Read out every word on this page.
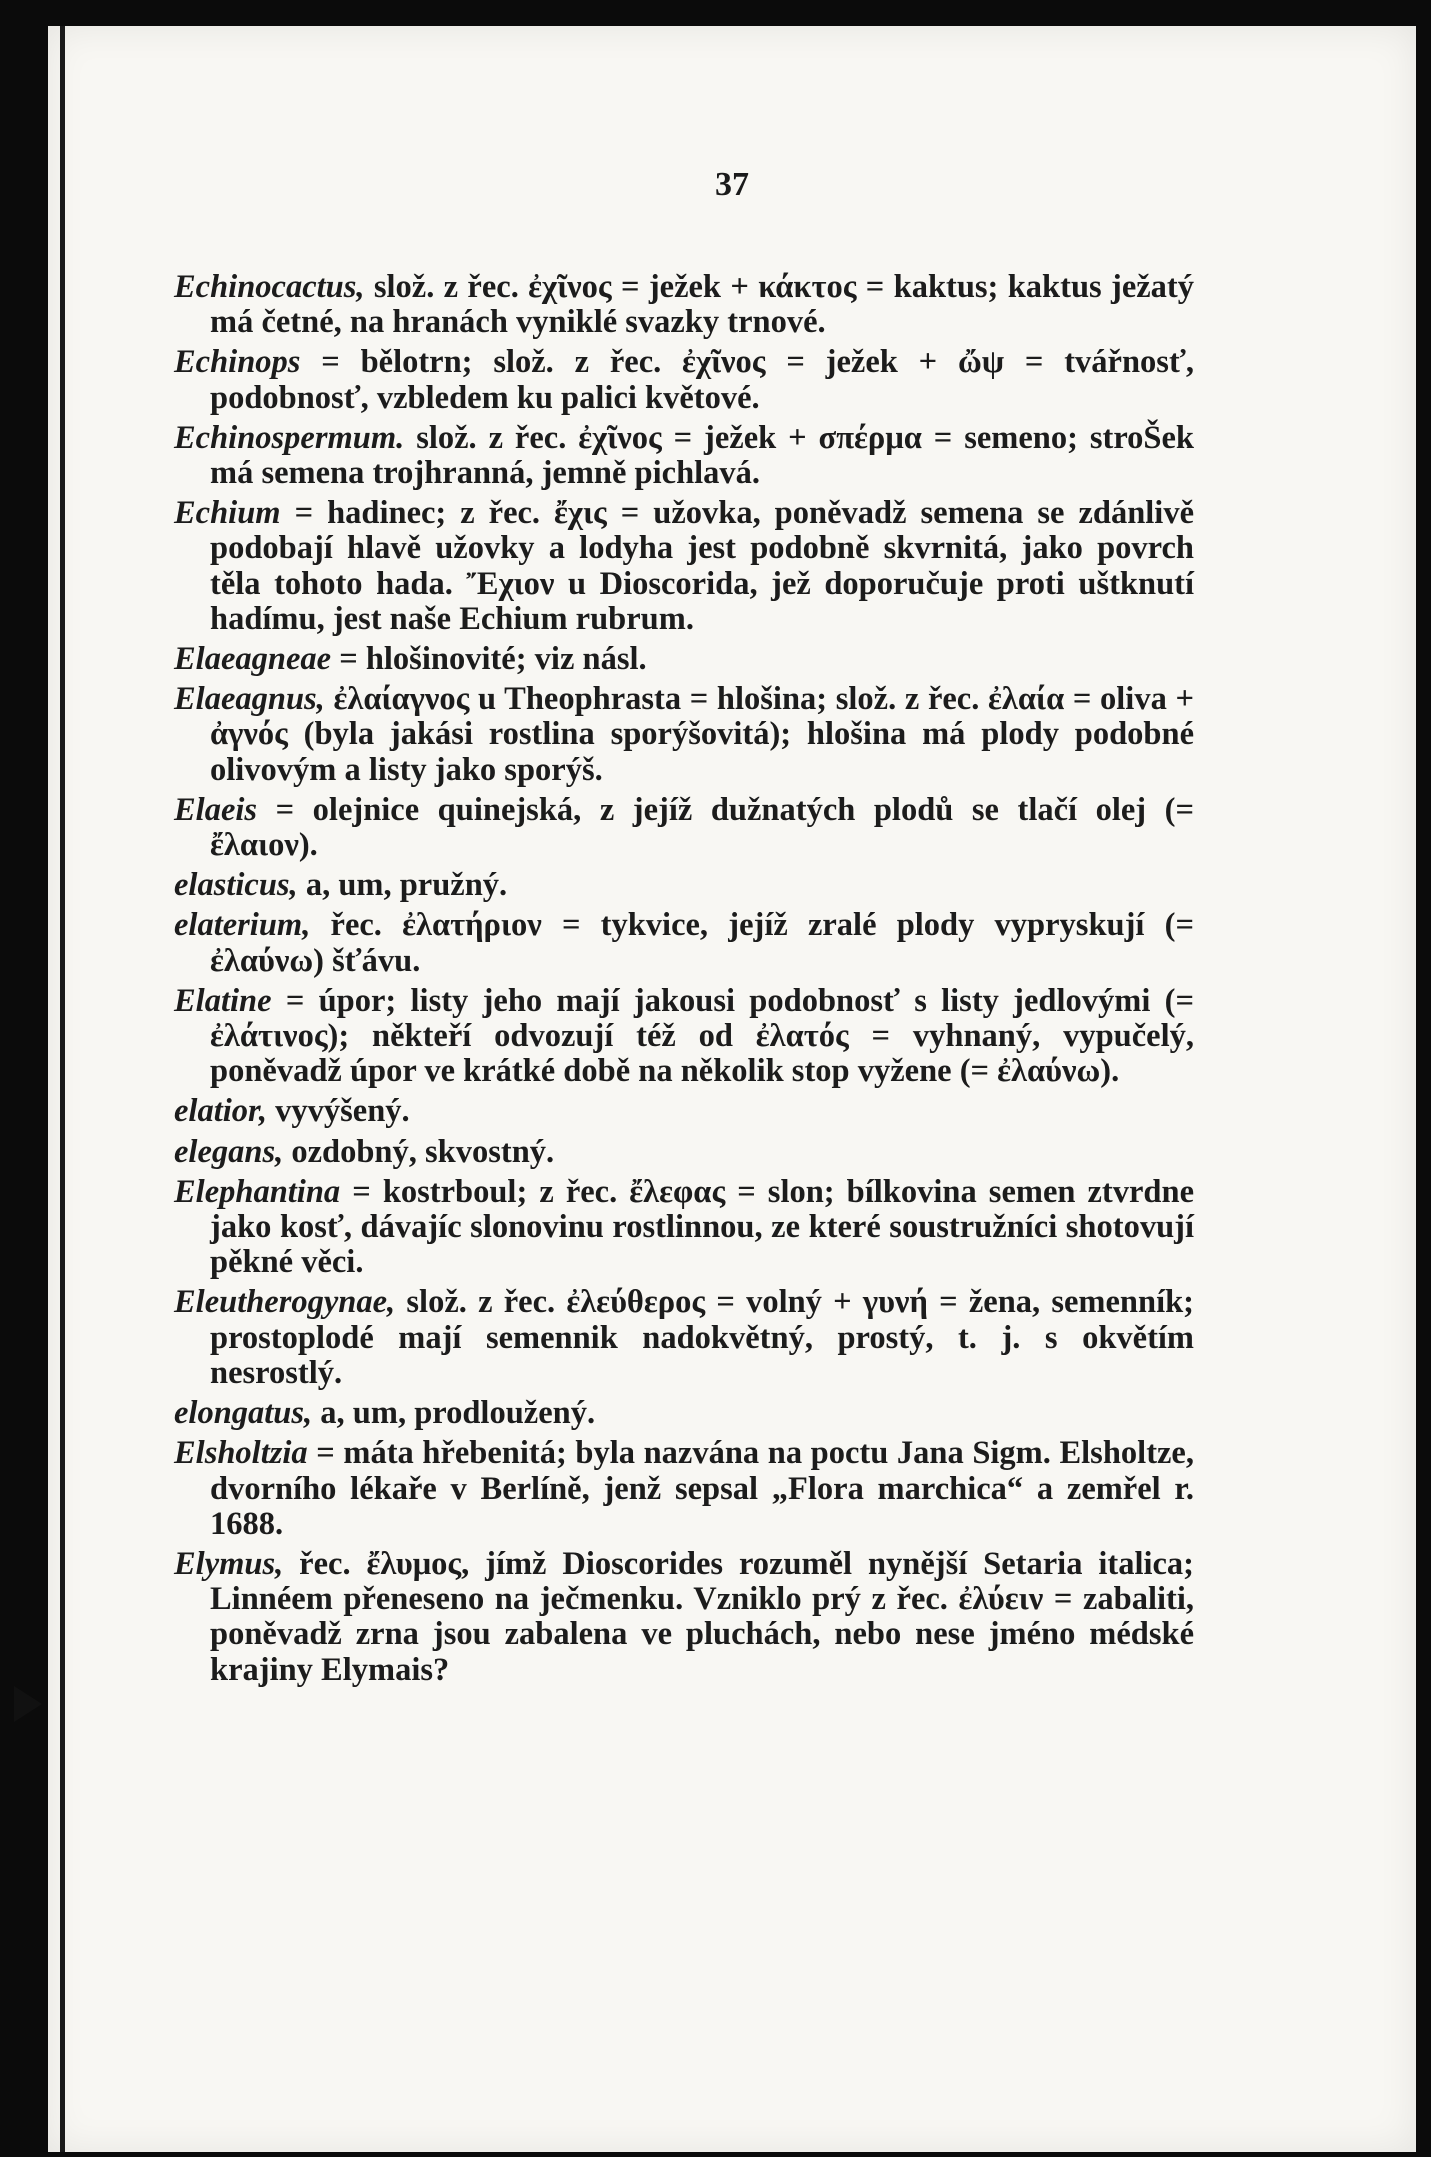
37

Echinocactus, slož. z řec. ἐχῖνος = ježek + κάκτος = kaktus; kaktus ježatý má četné, na hranách vyniklé svazky trnové.

Echinops = bělotrn; slož. z řec. ἐχῖνος = ježek + ὤψ = tvářnosť, podobnosť, vzbledem ku palici květové.

Echinospermum. slož. z řec. ἐχῖνος = ježek + σπέρμα = semeno; stroŠek má semena trojhranná, jemně pichlavá.

Echium = hadinec; z řec. ἔχις = užovka, poněvadž semena se zdánlivě podobají hlavě užovky a lodyha jest podobně skvrnitá, jako povrch těla tohoto hada. Ἔχιον u Dioscorida, jež doporučuje proti uštknutí hadímu, jest naše Echium rubrum.

Elaeagneae = hlošinovité; viz násl.

Elaeagnus, ἐλαίαγνος u Theophrasta = hlošina; slož. z řec. ἐλαία = oliva + ἀγνός (byla jakási rostlina sporýšovitá); hlošina má plody podobné olivovým a listy jako sporýš.

Elaeis = olejnice quinejská, z jejíž dužnatých plodů se tlačí olej (= ἔλαιον).

elasticus, a, um, pružný.

elaterium, řec. ἐλατήριον = tykvice, jejíž zralé plody vypryskují (= ἐλαύνω) šťávu.

Elatine = úpor; listy jeho mají jakousi podobnosť s listy jedlovými (= ἐλάτινος); někteří odvozují též od ἐλατός = vyhnaný, vypučelý, poněvadž úpor ve krátké době na několik stop vyžene (= ἐλαύνω).

elatior, vyvýšený.

elegans, ozdobný, skvostný.

Elephantina = kostrboul; z řec. ἔλεφας = slon; bílkovina semen ztvrdne jako kosť, dávajíc slonovinu rostlinnou, ze které soustružníci shotovují pěkné věci.

Eleutherogynae, slož. z řec. ἐλεύθερος = volný + γυνή = žena, semenník; prostoplodé mají semennik nadokvětný, prostý, t. j. s okvětím nesrostlý.

elongatus, a, um, prodloužený.

Elsholtzia = máta hřebenitá; byla nazvána na poctu Jana Sigm. Elsholtze, dvorního lékaře v Berlíně, jenž sepsal „Flora marchica“ a zemřel r. 1688.

Elymus, řec. ἔλυμος, jímž Dioscorides rozuměl nynější Setaria italica; Linnéem přeneseno na ječmenku. Vzniklo prý z řec. ἐλύειν = zabaliti, poněvadž zrna jsou zabalena ve pluchách, nebo nese jméno médské krajiny Elymais?
